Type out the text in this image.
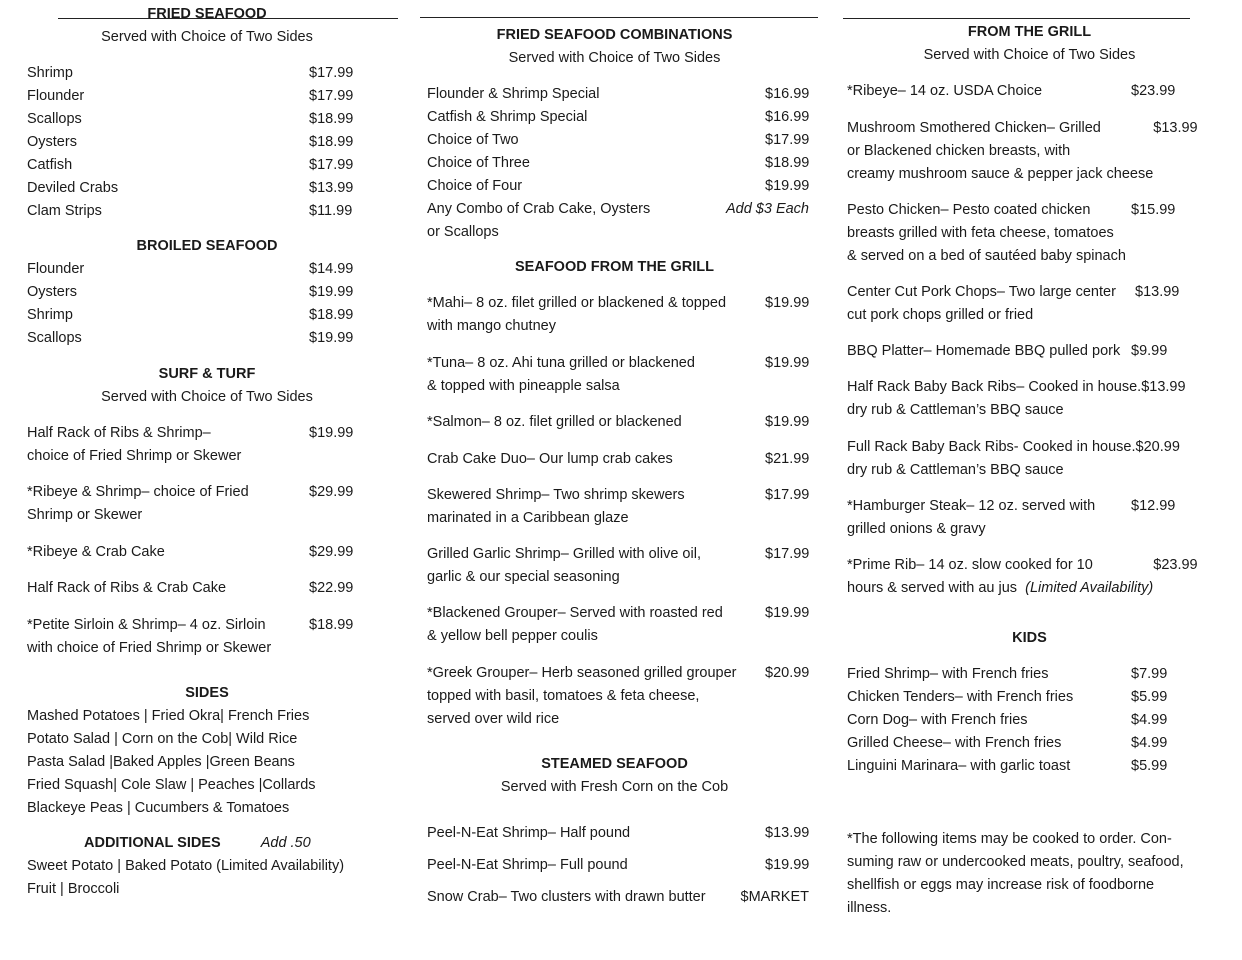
FRIED SEAFOOD
Served with Choice of Two Sides
Shrimp	$17.99
Flounder	$17.99
Scallops	$18.99
Oysters	$18.99
Catfish	$17.99
Deviled Crabs	$13.99
Clam Strips	$11.99
BROILED SEAFOOD
Flounder	$14.99
Oysters	$19.99
Shrimp	$18.99
Scallops	$19.99
SURF & TURF
Served with Choice of Two Sides
Half Rack of Ribs & Shrimp–
choice of Fried Shrimp or Skewer
$19.99
*Ribeye & Shrimp– choice of Fried
Shrimp or Skewer
$29.99
*Ribeye & Crab Cake	$29.99
Half Rack of Ribs & Crab Cake	$22.99
*Petite Sirloin & Shrimp– 4 oz. Sirloin
with choice of Fried Shrimp or Skewer
$18.99
SIDES
Mashed Potatoes | Fried Okra| French Fries
Potato Salad | Corn on the Cob| Wild Rice
Pasta Salad |Baked Apples |Green Beans
Fried Squash| Cole Slaw | Peaches |Collards
Blackeye Peas | Cucumbers & Tomatoes
ADDITIONAL SIDES	Add .50
Sweet Potato | Baked Potato (Limited Availability)
Fruit | Broccoli
FRIED SEAFOOD COMBINATIONS
Served with Choice of Two Sides
Flounder & Shrimp Special	$16.99
Catfish & Shrimp Special	$16.99
Choice of Two	$17.99
Choice of Three	$18.99
Choice of Four	$19.99
Any Combo of Crab Cake, Oysters
or Scallops
Add $3 Each
SEAFOOD FROM THE GRILL
*Mahi– 8 oz. filet grilled or blackened & topped
with mango chutney
$19.99
*Tuna– 8 oz. Ahi tuna grilled or blackened
& topped with pineapple salsa
$19.99
*Salmon– 8 oz. filet grilled or blackened	$19.99
Crab Cake Duo– Our lump crab cakes	$21.99
Skewered Shrimp– Two shrimp skewers
marinated in a Caribbean glaze
$17.99
Grilled Garlic Shrimp– Grilled with olive oil,
garlic & our special seasoning
$17.99
*Blackened Grouper– Served with roasted red
& yellow bell pepper coulis
$19.99
*Greek Grouper– Herb seasoned grilled grouper
topped with basil, tomatoes & feta cheese,
served over wild rice
$20.99
STEAMED SEAFOOD
Served with Fresh Corn on the Cob
Peel-N-Eat Shrimp– Half pound	$13.99
Peel-N-Eat Shrimp– Full pound	$19.99
Snow Crab– Two clusters with drawn butter	$MARKET
FROM THE GRILL
Served with Choice of Two Sides
*Ribeye– 14 oz. USDA Choice	$23.99
Mushroom Smothered Chicken– Grilled
or Blackened chicken breasts, with
creamy mushroom sauce & pepper jack cheese
$13.99
Pesto Chicken– Pesto coated chicken
breasts grilled with feta cheese, tomatoes
& served on a bed of sautéed baby spinach
$15.99
Center Cut Pork Chops– Two large center
cut pork chops grilled or fried
$13.99
BBQ Platter– Homemade BBQ pulled pork $9.99
Half Rack Baby Back Ribs– Cooked in house.
dry rub & Cattleman’s BBQ sauce
$13.99
Full Rack Baby Back Ribs- Cooked in house.
dry rub & Cattleman’s BBQ sauce
$20.99
*Hamburger Steak– 12 oz. served with
grilled onions & gravy
$12.99
*Prime Rib– 14 oz. slow cooked for 10
hours & served with au jus (Limited Availability)
$23.99
KIDS
Fried Shrimp– with French fries	$7.99
Chicken Tenders– with French fries	$5.99
Corn Dog– with French fries	$4.99
Grilled Cheese– with French fries	$4.99
Linguini Marinara– with garlic toast	$5.99
*The following items may be cooked to order. Con-
suming raw or undercooked meats, poultry, seafood,
shellfish or eggs may increase risk of foodborne
illness.
